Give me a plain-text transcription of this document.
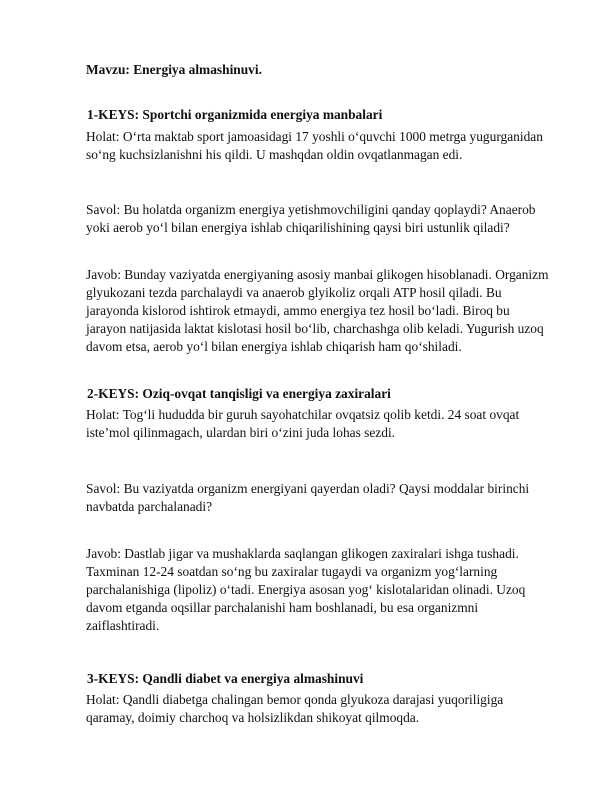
Mavzu: Energiya almashinuvi.
1-KEYS: Sportchi organizmida energiya manbalari
Holat: O‘rta maktab sport jamoasidagi 17 yoshli o‘quvchi 1000 metrga yugurganidan
so‘ng kuchsizlanishni his qildi. U mashqdan oldin ovqatlanmagan edi.
Savol: Bu holatda organizm energiya yetishmovchiligini qanday qoplaydi? Anaerob
yoki aerob yo‘l bilan energiya ishlab chiqarilishining qaysi biri ustunlik qiladi?
Javob: Bunday vaziyatda energiyaning asosiy manbai glikogen hisoblanadi. Organizm
glyukozani tezda parchalaydi va anaerob glyikoliz orqali ATP hosil qiladi. Bu
jarayonda kislorod ishtirok etmaydi, ammo energiya tez hosil bo‘ladi. Biroq bu
jarayon natijasida laktat kislotasi hosil bo‘lib, charchashga olib keladi. Yugurish uzoq
davom etsa, aerob yo‘l bilan energiya ishlab chiqarish ham qo‘shiladi.
2-KEYS: Oziq-ovqat tanqisligi va energiya zaxiralari
Holat: Tog‘li hududda bir guruh sayohatchilar ovqatsiz qolib ketdi. 24 soat ovqat
iste’mol qilinmagach, ulardan biri o‘zini juda lohas sezdi.
Savol: Bu vaziyatda organizm energiyani qayerdan oladi? Qaysi moddalar birinchi
navbatda parchalanadi?
Javob: Dastlab jigar va mushaklarda saqlangan glikogen zaxiralari ishga tushadi.
Taxminan 12-24 soatdan so‘ng bu zaxiralar tugaydi va organizm yog‘larning
parchalanishiga (lipoliz) o‘tadi. Energiya asosan yog‘ kislotalaridan olinadi. Uzoq
davom etganda oqsillar parchalanishi ham boshlanadi, bu esa organizmni
zaiflashtiradi.
3-KEYS: Qandli diabet va energiya almashinuvi
Holat: Qandli diabetga chalingan bemor qonda glyukoza darajasi yuqoriligiga
qaramay, doimiy charchoq va holsizlikdan shikoyat qilmoqda.
